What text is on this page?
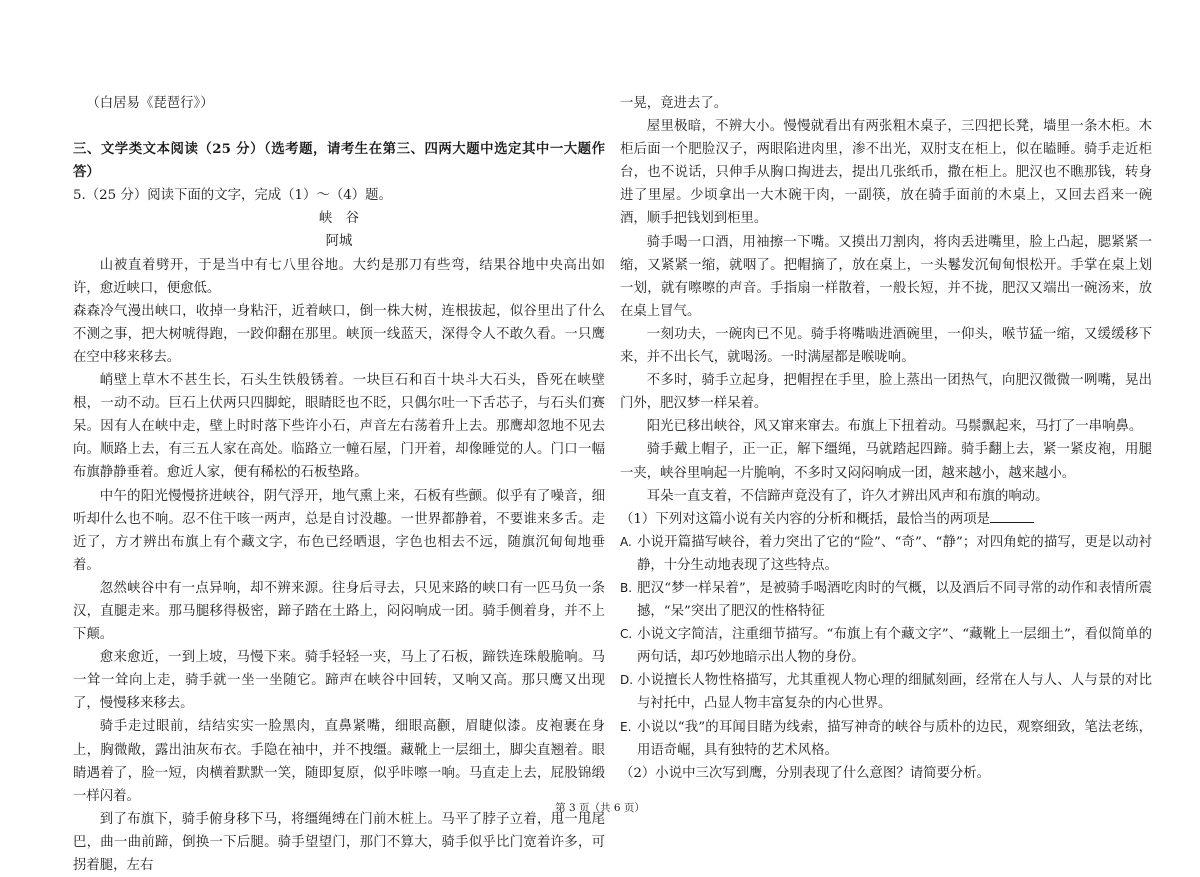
（白居易《琵琶行》）

三、文学类文本阅读（25 分）（选考题，请考生在第三、四两大题中选定其中一大题作答）

5.（25 分）阅读下面的文字，完成（1）～（4）题。

峡　谷

阿城

山被直着劈开，于是当中有七八里谷地。大约是那刀有些弯，结果谷地中央高出如许，愈近峡口，便愈低。

森森冷气漫出峡口，收掉一身粘汗，近着峡口，倒一株大树，连根拔起，似谷里出了什么不测之事，把大树唬得跑，一跤仰翻在那里。峡顶一线蓝天，深得令人不敢久看。一只鹰在空中移来移去。

峭壁上草木不甚生长，石头生铁般锈着。一块巨石和百十块斗大石头，昏死在峡壁根，一动不动。巨石上伏两只四脚蛇，眼睛眨也不眨，只偶尔吐一下舌芯子，与石头们赛呆。因有人在峡中走，壁上时时落下些许小石，声音左右荡着升上去。那鹰却忽地不见去向。顺路上去，有三五人家在高处。临路立一幢石屋，门开着，却像睡觉的人。门口一幅布旗静静垂着。愈近人家，便有稀松的石板垫路。

中午的阳光慢慢挤进峡谷，阴气浮开，地气熏上来，石板有些颤。似乎有了噪音，细听却什么也不响。忍不住干咳一两声，总是自讨没趣。一世界都静着，不要谁来多舌。走近了，方才辨出布旗上有个藏文字，布色已经晒退，字色也相去不远，随旗沉甸甸地垂着。

忽然峡谷中有一点异响，却不辨来源。往身后寻去，只见来路的峡口有一匹马负一条汉，直腿走来。那马腿移得极密，蹄子踏在土路上，闷闷响成一团。骑手侧着身，并不上下颠。

愈来愈近，一到上坡，马慢下来。骑手轻轻一夹，马上了石板，蹄铁连珠般脆响。马一耸一耸向上走，骑手就一坐一坐随它。蹄声在峡谷中回转，又响又高。那只鹰又出现了，慢慢移来移去。

骑手走过眼前，结结实实一脸黑肉，直鼻紧嘴，细眼高颧，眉睫似漆。皮袍裹在身上，胸微敞，露出油灰布衣。手隐在袖中，并不拽缰。藏靴上一层细土，脚尖直翘着。眼睛遇着了，脸一短，肉横着默默一笑，随即复原，似乎咔嚓一响。马直走上去，屁股锦缎一样闪着。

到了布旗下，骑手俯身移下马，将缰绳缚在门前木桩上。马平了脖子立着，甩一甩尾巴，曲一曲前蹄，倒换一下后腿。骑手望望门，那门不算大，骑手似乎比门宽着许多，可拐着腿，左右

一晃，竟进去了。

屋里极暗，不辨大小。慢慢就看出有两张粗木桌子，三四把长凳，墙里一条木柜。木柜后面一个肥脸汉子，两眼陷进肉里，渗不出光，双肘支在柜上，似在瞌睡。骑手走近柜台，也不说话，只伸手从胸口掏进去，提出几张纸币，撒在柜上。肥汉也不瞧那钱，转身进了里屋。少顷拿出一大木碗干肉，一副筷，放在骑手面前的木桌上，又回去舀来一碗酒，顺手把钱划到柜里。

骑手喝一口酒，用袖擦一下嘴。又摸出刀割肉，将肉丢进嘴里，脸上凸起，腮紧紧一缩，又紧紧一缩，就咽了。把帽摘了，放在桌上，一头鬈发沉甸甸恨松开。手掌在桌上划一划，就有嚓嚓的声音。手指扇一样散着，一般长短，并不拢，肥汉又端出一碗汤来，放在桌上冒气。

一刻功夫，一碗肉已不见。骑手将嘴啮进酒碗里，一仰头，喉节猛一缩，又缓缓移下来，并不出长气，就喝汤。一时满屋都是喉咙响。

不多时，骑手立起身，把帽捏在手里，脸上蒸出一团热气，向肥汉微微一咧嘴，晃出门外，肥汉梦一样呆着。

阳光已移出峡谷，风又窜来窜去。布旗上下扭着动。马鬃飘起来，马打了一串响鼻。

骑手戴上帽子，正一正，解下缰绳，马就踏起四蹄。骑手翻上去，紧一紧皮袍，用腿一夹，峡谷里响起一片脆响，不多时又闷闷响成一团，越来越小，越来越小。

耳朵一直支着，不信蹄声竟没有了，许久才辨出风声和布旗的响动。

（1）下列对这篇小说有关内容的分析和概括，最恰当的两项是

A. 小说开篇描写峡谷，着力突出了它的“险”、“奇”、“静”；对四角蛇的描写，更是以动衬静，十分生动地表现了这些特点。

B. 肥汉“梦一样呆着”，是被骑手喝酒吃肉时的气概，以及酒后不同寻常的动作和表情所震撼，“呆”突出了肥汉的性格特征

C. 小说文字简洁，注重细节描写。“布旗上有个藏文字”、“藏靴上一层细土”，看似简单的两句话，却巧妙地暗示出人物的身份。

D. 小说擅长人物性格描写，尤其重视人物心理的细腻刻画，经常在人与人、人与景的对比与衬托中，凸显人物丰富复杂的内心世界。

E. 小说以“我”的耳闻目睹为线索，描写神奇的峡谷与质朴的边民，观察细致，笔法老练，用语奇崛，具有独特的艺术风格。

（2）小说中三次写到鹰，分别表现了什么意图？请简要分析。

第 3 页（共 6 页）
